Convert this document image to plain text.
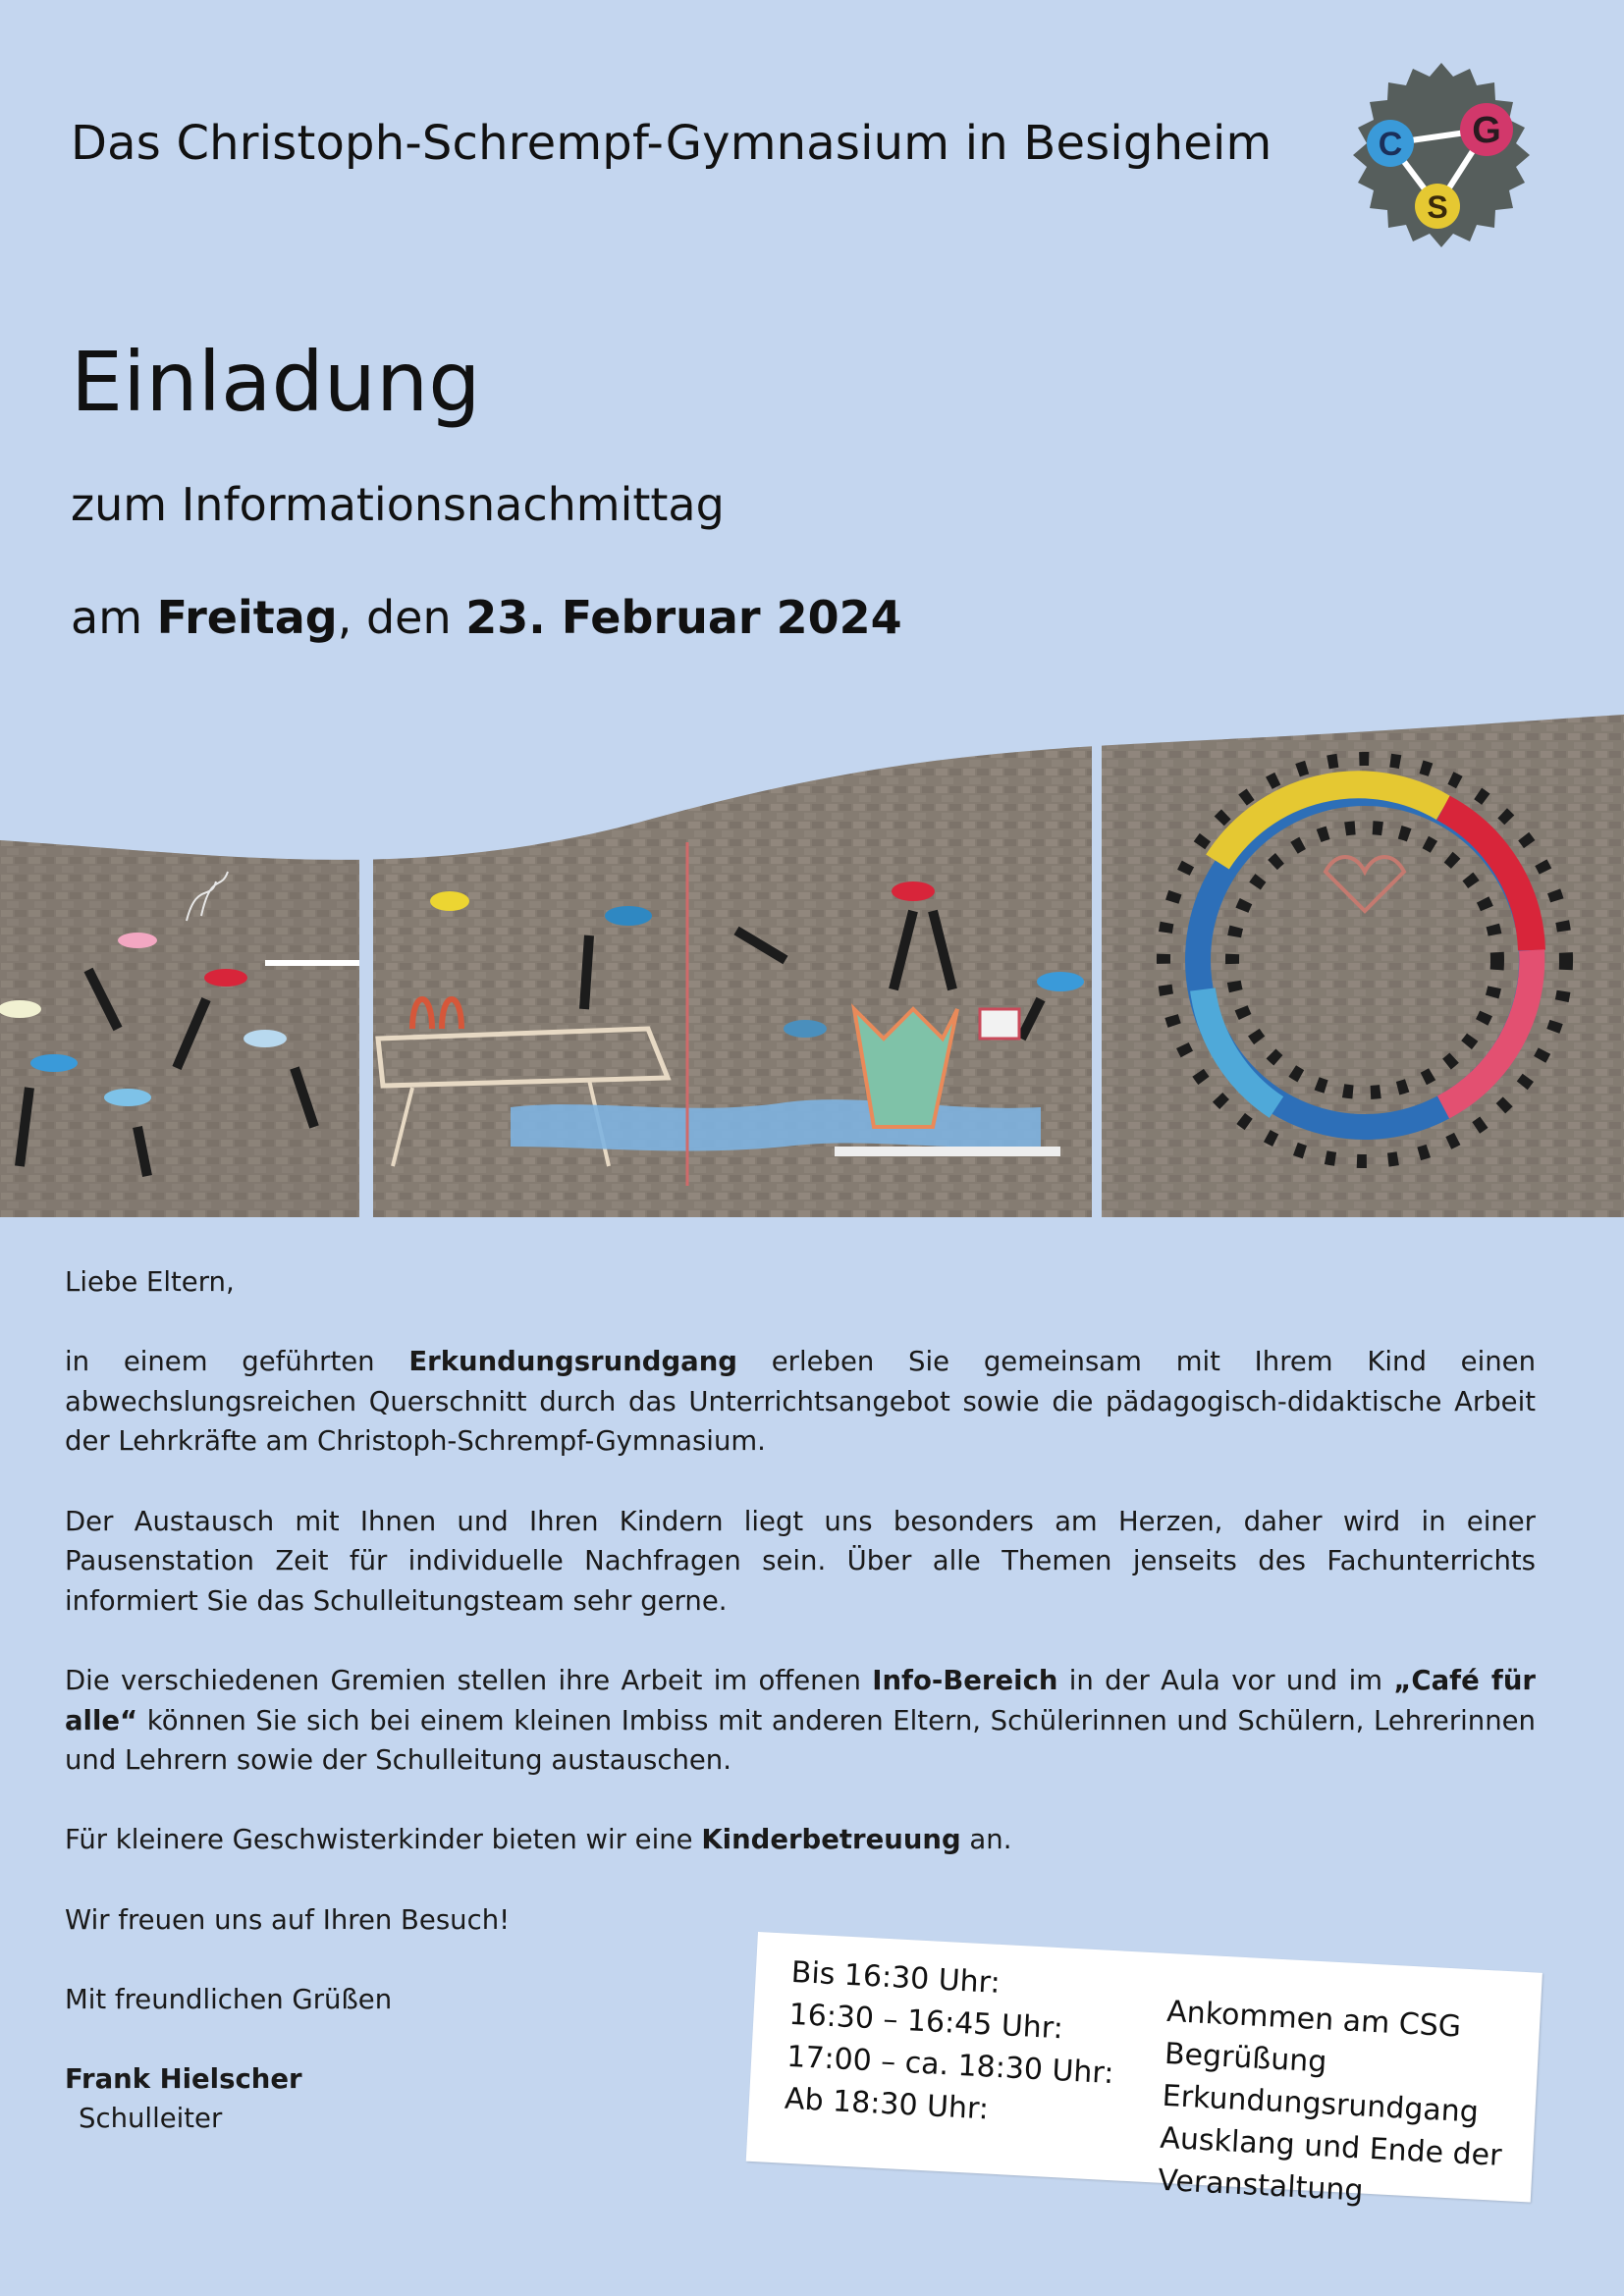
Das Christoph-Schrempf-Gymnasium in Besigheim	C G
S
Einladung
zum Informationsnachmittag
am Freitag, den 23. Februar 2024

Liebe Eltern,

in einem geführten Erkundungsrundgang erleben Sie gemeinsam mit Ihrem Kind einen abwechslungsreichen Querschnitt durch das Unterrichtsangebot sowie die pädagogisch-didaktische Arbeit der Lehrkräfte am Christoph-Schrempf-Gymnasium.

Der Austausch mit Ihnen und Ihren Kindern liegt uns besonders am Herzen, daher wird in einer Pausenstation Zeit für individuelle Nachfragen sein. Über alle Themen jenseits des Fachunterrichts informiert Sie das Schulleitungsteam sehr gerne.

Die verschiedenen Gremien stellen ihre Arbeit im offenen Info-Bereich in der Aula vor und im „Café für alle“ können Sie sich bei einem kleinen Imbiss mit anderen Eltern, Schülerinnen und Schülern, Lehrerinnen und Lehrern sowie der Schulleitung austauschen.

Für kleinere Geschwisterkinder bieten wir eine Kinderbetreuung an.

Wir freuen uns auf Ihren Besuch!

Mit freundlichen Grüßen

Frank Hielscher
Schulleiter
Bis 16:30 Uhr:
16:30 – 16:45 Uhr:
17:00 – ca. 18:30 Uhr:
Ab 18:30 Uhr:
Ankommen am CSG
Begrüßung
Erkundungsrundgang
Ausklang und Ende der
Veranstaltung
